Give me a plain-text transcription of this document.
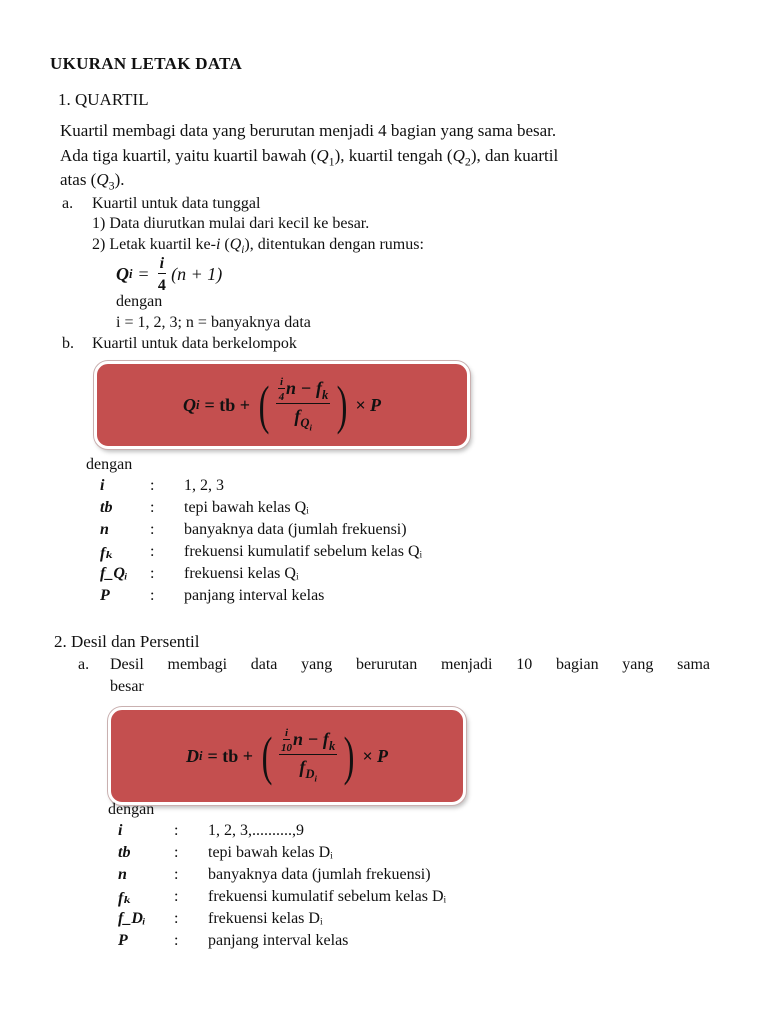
UKURAN LETAK DATA
1. QUARTIL
Kuartil membagi data yang berurutan menjadi 4 bagian yang sama besar.
Ada tiga kuartil, yaitu kuartil bawah $(Q_1)$, kuartil tengah $(Q_2)$, dan kuartil
atas $(Q_3)$.
a. Kuartil untuk data tunggal
1) Data diurutkan mulai dari kecil ke besar.
2) Letak kuartil ke-i $(Q_i)$, ditentukan dengan rumus:
Q $i = \frac{i}{4} (n + 1)$
dengan
i = 1, 2, 3; n = banyaknya data
b. Kuartil untuk data berkelompok
Q i = tb + ( $\frac{\frac{i}{4} n - f_k}{f_{Q_i}}$ ) × P
dengan
i	: 1, 2, 3
tb : tepi bawah kelas Qᵢ
n	: banyaknya data (jumlah frekuensi)
fₖ : frekuensi kumulatif sebelum kelas Qᵢ
f_Qᵢ : frekuensi kelas Qᵢ
P	: panjang interval kelas
2. Desil dan Persentil
a. Desil membagi data yang berurutan menjadi 10 bagian yang sama
besar
D i = tb + ( $\frac{\frac{i}{10} n - f_k}{f_{D_i}}$ ) × P
dengan
i	: 1, 2, 3,..........,9
tb	: tepi bawah kelas Dᵢ
n	: banyaknya data (jumlah frekuensi)
fₖ	: frekuensi kumulatif sebelum kelas Dᵢ
f_Dᵢ : frekuensi kelas Dᵢ
P	: panjang interval kelas
